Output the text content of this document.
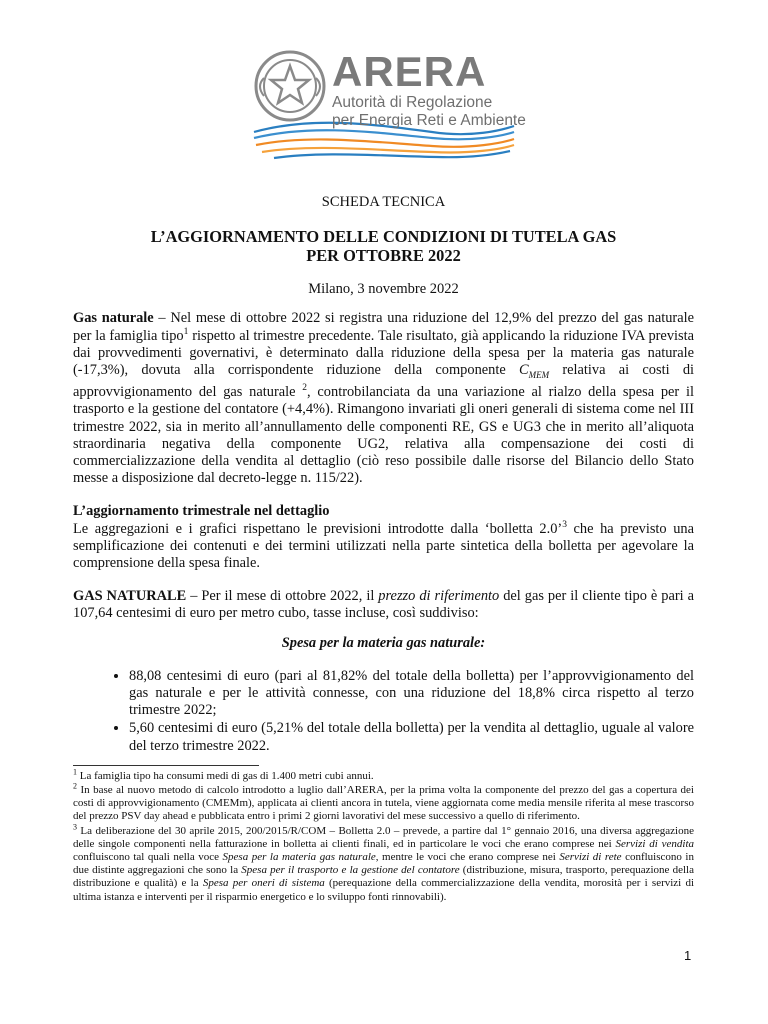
ARERA
Autorità di Regolazione
per Energia Reti e Ambiente
SCHEDA TECNICA
L’AGGIORNAMENTO DELLE CONDIZIONI DI TUTELA GAS
PER OTTOBRE 2022
Milano, 3 novembre 2022

Gas naturale – Nel mese di ottobre 2022 si registra una riduzione del 12,9% del prezzo del gas naturale per la famiglia tipo$^1$ rispetto al trimestre precedente. Tale risultato, già applicando la riduzione IVA prevista dai provvedimenti governativi, è determinato dalla riduzione della spesa per la materia gas naturale (-17,3%), dovuta alla corrispondente riduzione della componente $C_{MEM}$ relativa ai costi di approvvigionamento del gas naturale $^2$, controbilanciata da una variazione al rialzo della spesa per il trasporto e la gestione del contatore (+4,4%). Rimangono invariati gli oneri generali di sistema come nel III trimestre 2022, sia in merito all’annullamento delle componenti RE, GS e UG3 che in merito all’aliquota straordinaria negativa della componente UG2, relativa alla compensazione dei costi di commercializzazione della vendita al dettaglio (ciò reso possibile dalle risorse del Bilancio dello Stato messe a disposizione dal decreto-legge n. 115/22).

L’aggiornamento trimestrale nel dettaglio
Le aggregazioni e i grafici rispettano le previsioni introdotte dalla ‘bolletta 2.0’$^3$ che ha previsto una semplificazione dei contenuti e dei termini utilizzati nella parte sintetica della bolletta per agevolare la comprensione della spesa finale.

GAS NATURALE – Per il mese di ottobre 2022, il prezzo di riferimento del gas per il cliente tipo è pari a 107,64 centesimi di euro per metro cubo, tasse incluse, così suddiviso:

Spesa per la materia gas naturale:
• 88,08 centesimi di euro (pari al 81,82% del totale della bolletta) per l’approvvigionamento del gas naturale e per le attività connesse, con una riduzione del 18,8% circa rispetto al terzo trimestre 2022;
• 5,60 centesimi di euro (5,21% del totale della bolletta) per la vendita al dettaglio, uguale al valore del terzo trimestre 2022.

$^1$ La famiglia tipo ha consumi medi di gas di 1.400 metri cubi annui.

$^2$ In base al nuovo metodo di calcolo introdotto a luglio dall’ARERA, per la prima volta la componente del prezzo del gas a copertura dei costi di approvvigionamento (CMEMm), applicata ai clienti ancora in tutela, viene aggiornata come media mensile riferita al mese trascorso del prezzo PSV day ahead e pubblicata entro i primi 2 giorni lavorativi del mese successivo a quello di riferimento.

$^3$ La deliberazione del 30 aprile 2015, 200/2015/R/COM – Bolletta 2.0 – prevede, a partire dal 1° gennaio 2016, una diversa aggregazione delle singole componenti nella fatturazione in bolletta ai clienti finali, ed in particolare le voci che erano comprese nei Servizi di vendita confluiscono tal quali nella voce Spesa per la materia gas naturale, mentre le voci che erano comprese nei Servizi di rete confluiscono in due distinte aggregazioni che sono la Spesa per il trasporto e la gestione del contatore (distribuzione, misura, trasporto, perequazione della distribuzione e qualità) e la Spesa per oneri di sistema (perequazione della commercializzazione della vendita, morosità per i servizi di ultima istanza e interventi per il risparmio energetico e lo sviluppo fonti rinnovabili).

1
